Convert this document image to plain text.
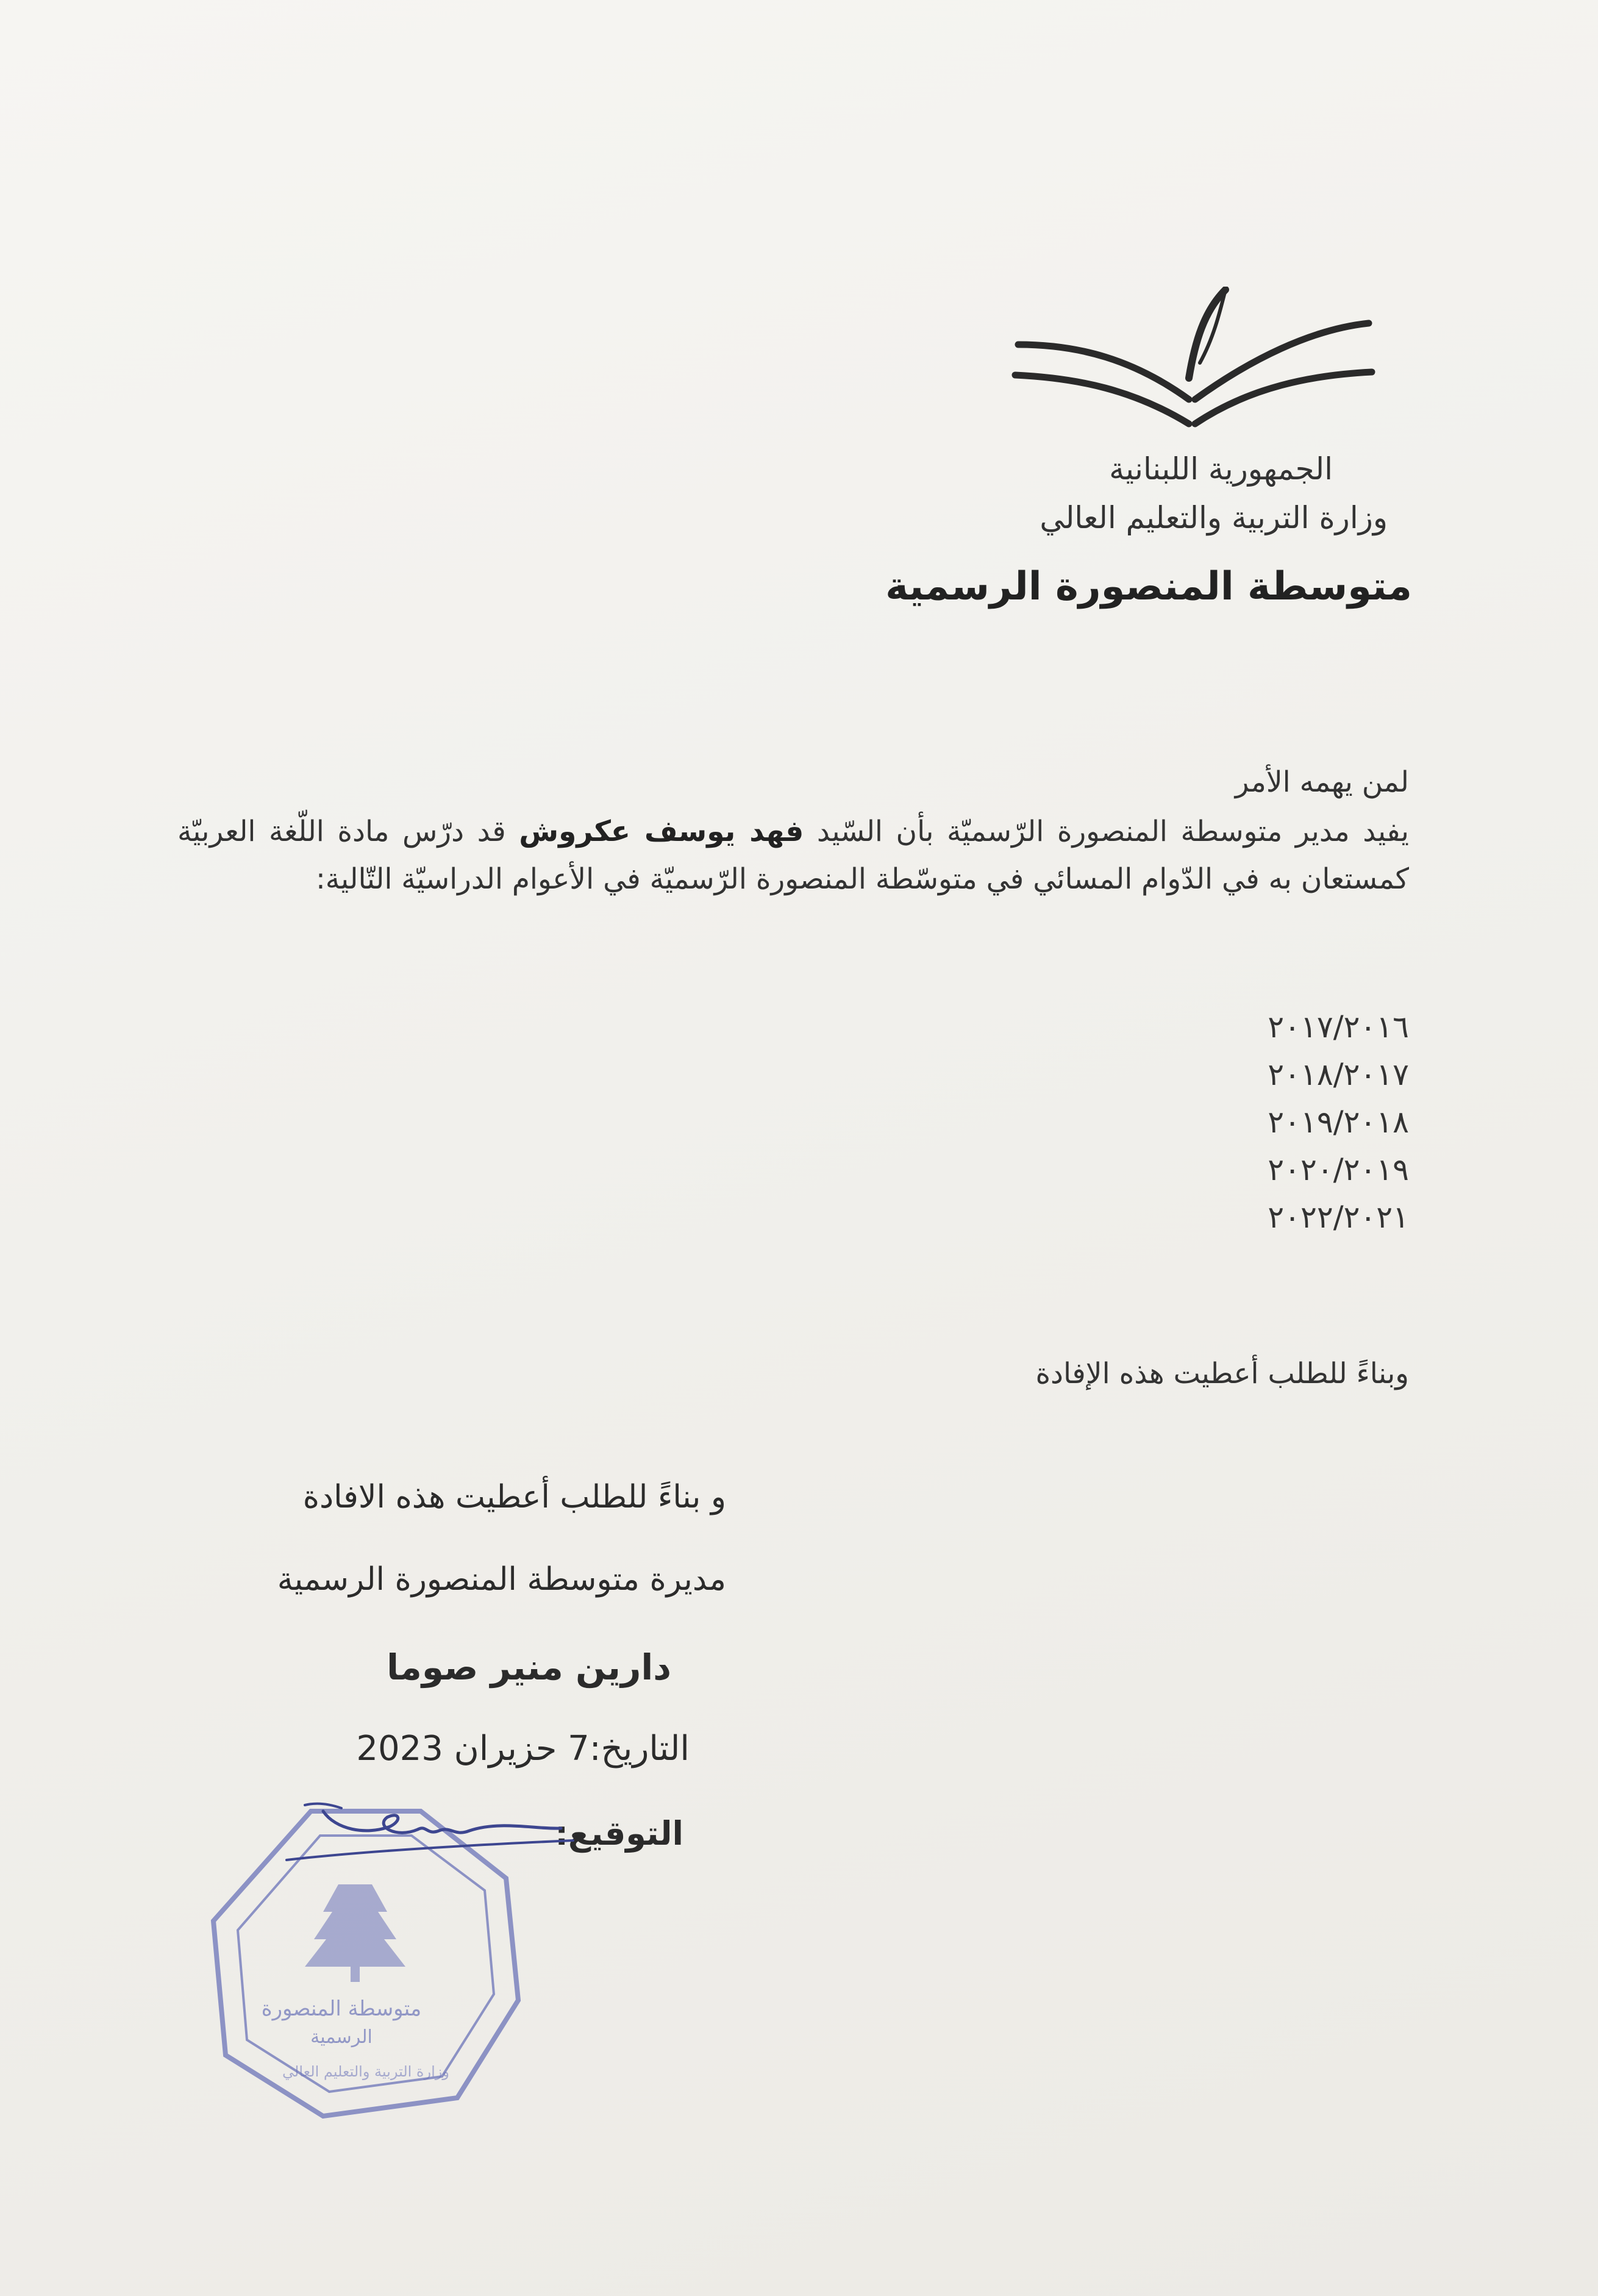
الجمهورية اللبنانية
وزارة التربية والتعليم العالي
متوسطة المنصورة الرسمية
لمن يهمه الأمر
يفيد مدير متوسطة المنصورة الرّسميّة بأن السّيد فهد يوسف عكروش قد درّس مادة اللّغة العربيّة كمستعان به في الدّوام المسائي في متوسّطة المنصورة الرّسميّة في الأعوام الدراسيّة التّالية:
٢٠١٧/٢٠١٦
٢٠١٨/٢٠١٧
٢٠١٩/٢٠١٨
٢٠٢٠/٢٠١٩
٢٠٢٢/٢٠٢١
وبناءً للطلب أعطيت هذه الإفادة
و بناءً للطلب أعطيت هذه الافادة
مديرة متوسطة المنصورة الرسمية
دارين منير صوما
التاريخ:7 حزيران 2023
التوقيع:
متوسطة المنصورة
الرسمية
وزارة التربية والتعليم العالي
